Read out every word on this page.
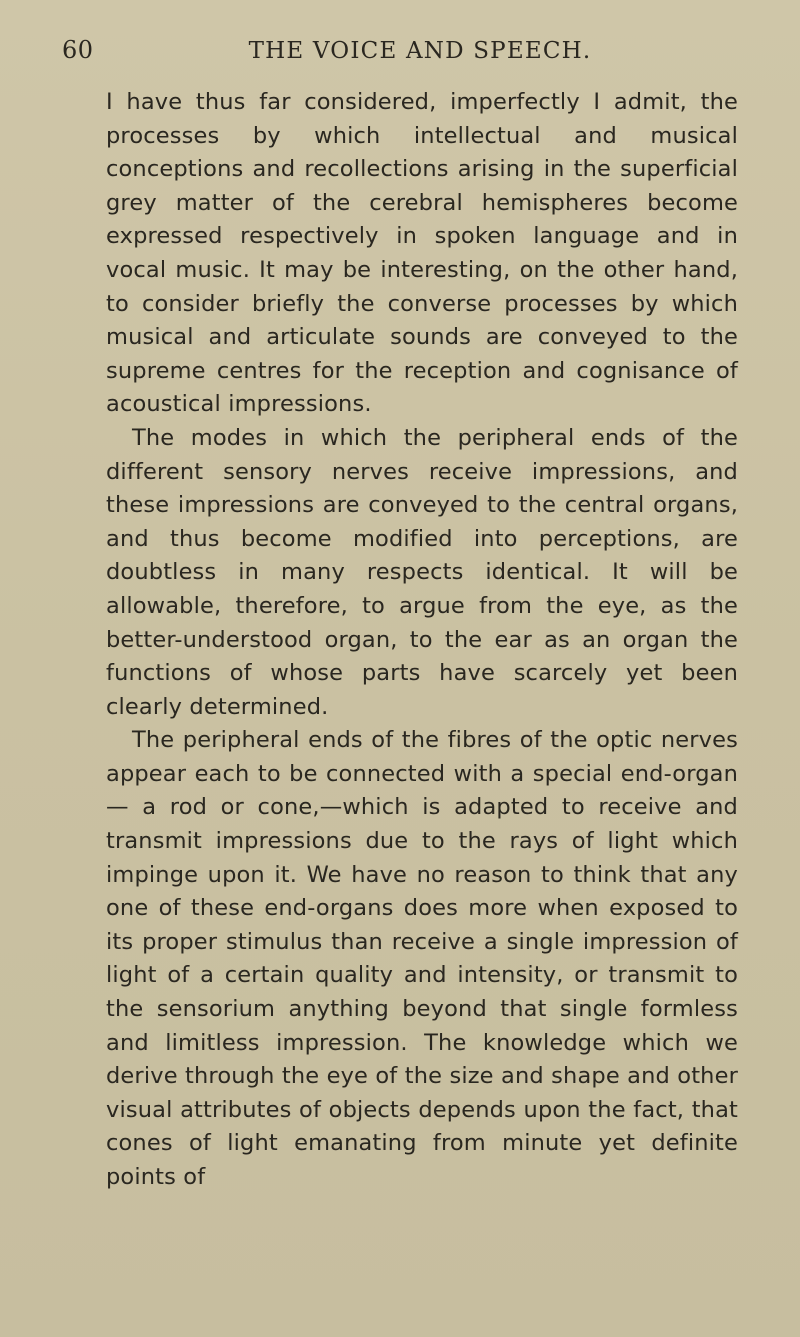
60	THE VOICE AND SPEECH.

I have thus far considered, imperfectly I admit, the processes by which intellectual and musical conceptions and recollections arising in the superficial grey matter of the cerebral hemispheres become expressed respectively in spoken language and in vocal music. It may be interesting, on the other hand, to consider briefly the converse processes by which musical and articulate sounds are conveyed to the supreme centres for the reception and cognisance of acoustical impressions.

The modes in which the peripheral ends of the different sensory nerves receive impressions, and these impressions are conveyed to the central organs, and thus become modified into perceptions, are doubtless in many respects identical. It will be allowable, therefore, to argue from the eye, as the better-understood organ, to the ear as an organ the functions of whose parts have scarcely yet been clearly determined.

The peripheral ends of the fibres of the optic nerves appear each to be connected with a special end-organ— a rod or cone,—which is adapted to receive and transmit impressions due to the rays of light which impinge upon it. We have no reason to think that any one of these end-organs does more when exposed to its proper stimulus than receive a single impression of light of a certain quality and intensity, or transmit to the sensorium anything beyond that single formless and limitless impression. The knowledge which we derive through the eye of the size and shape and other visual attributes of objects depends upon the fact, that cones of light emanating from minute yet definite points of
